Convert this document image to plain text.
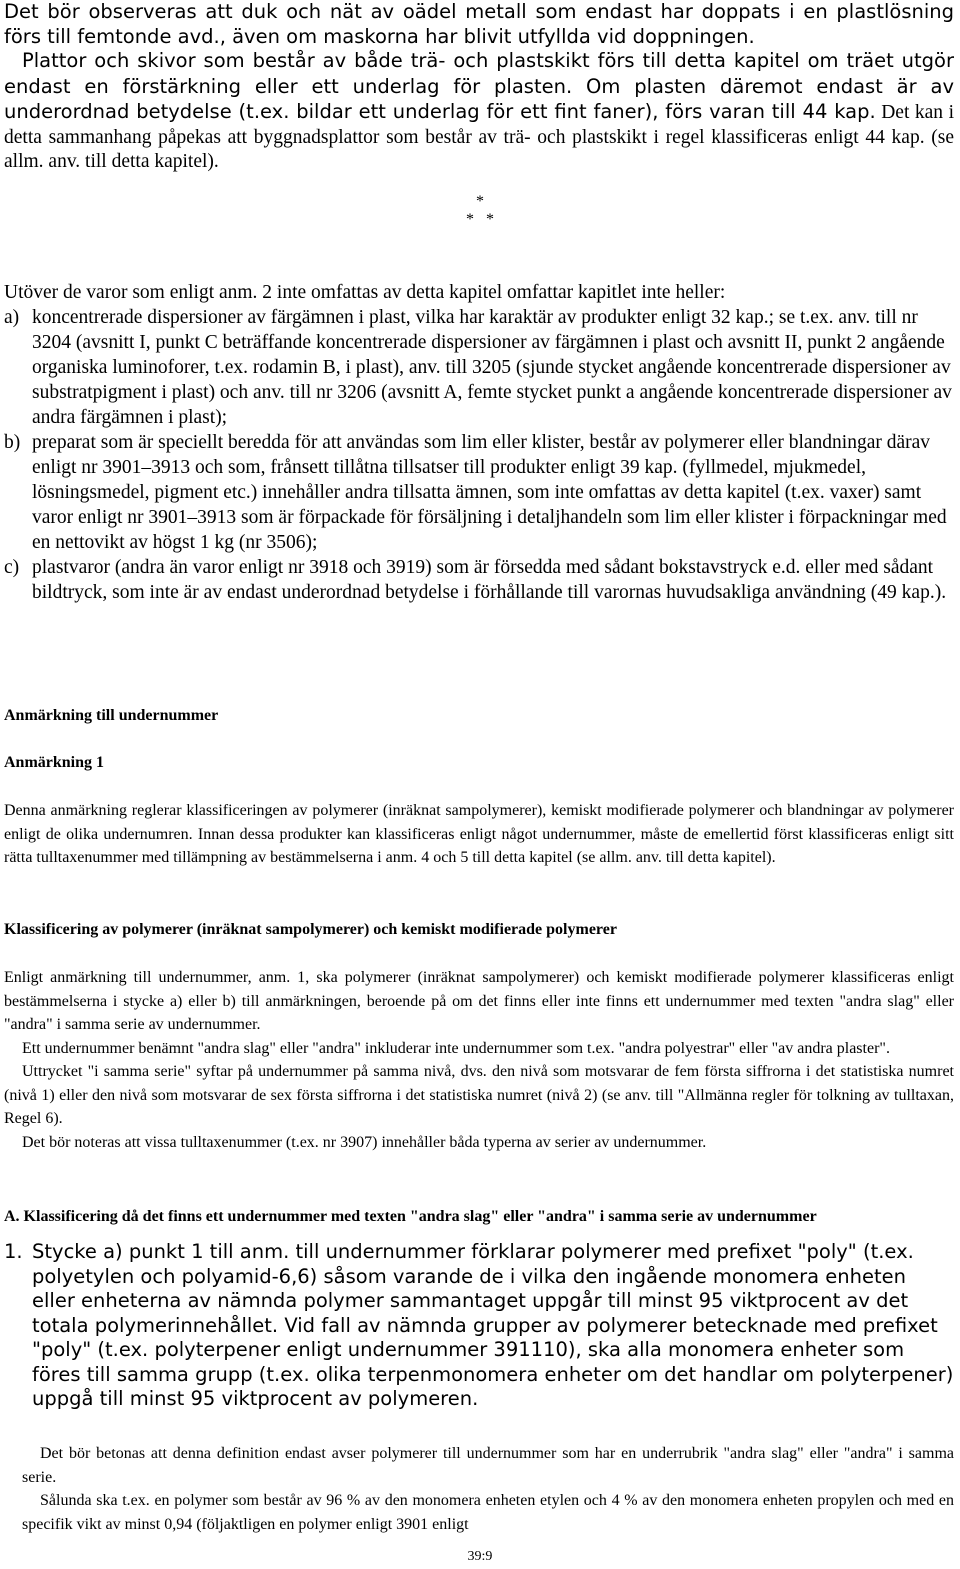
Det bör observeras att duk och nät av oädel metall som endast har doppats i en plastlösning förs till femtonde avd., även om maskorna har blivit utfyllda vid doppningen.
Plattor och skivor som består av både trä- och plastskikt förs till detta kapitel om träet utgör endast en förstärkning eller ett underlag för plasten. Om plasten däremot endast är av underordnad betydelse (t.ex. bildar ett underlag för ett fint faner), förs varan till 44 kap. Det kan i detta sammanhang påpekas att byggnadsplattor som består av trä- och plastskikt i regel klassificeras enligt 44 kap. (se allm. anv. till detta kapitel).
*
*   *
Utöver de varor som enligt anm. 2 inte omfattas av detta kapitel omfattar kapitlet inte heller:
a) koncentrerade dispersioner av färgämnen i plast, vilka har karaktär av produkter enligt 32 kap.; se t.ex. anv. till nr 3204 (avsnitt I, punkt C beträffande koncentrerade dispersioner av färgämnen i plast och avsnitt II, punkt 2 angående organiska luminoforer, t.ex. rodamin B, i plast), anv. till 3205 (sjunde stycket angående koncentrerade dispersioner av substratpigment i plast) och anv. till nr 3206 (avsnitt A, femte stycket punkt a angående koncentrerade dispersioner av andra färgämnen i plast);
b) preparat som är speciellt beredda för att användas som lim eller klister, består av polymerer eller blandningar därav enligt nr 3901–3913 och som, frånsett tillåtna tillsatser till produkter enligt 39 kap. (fyllmedel, mjukmedel, lösningsmedel, pigment etc.) innehåller andra tillsatta ämnen, som inte omfattas av detta kapitel (t.ex. vaxer) samt varor enligt nr 3901–3913 som är förpackade för försäljning i detaljhandeln som lim eller klister i förpackningar med en nettovikt av högst 1 kg (nr 3506);
c) plastvaror (andra än varor enligt nr 3918 och 3919) som är försedda med sådant bokstavstryck e.d. eller med sådant bildtryck, som inte är av endast underordnad betydelse i förhållande till varornas huvudsakliga användning (49 kap.).
Anmärkning till undernummer
Anmärkning 1
Denna anmärkning reglerar klassificeringen av polymerer (inräknat sampolymerer), kemiskt modifierade polymerer och blandningar av polymerer enligt de olika undernumren. Innan dessa produkter kan klassificeras enligt något undernummer, måste de emellertid först klassificeras enligt sitt rätta tulltaxenummer med tillämpning av bestämmelserna i anm. 4 och 5 till detta kapitel (se allm. anv. till detta kapitel).
Klassificering av polymerer (inräknat sampolymerer) och kemiskt modifierade polymerer
Enligt anmärkning till undernummer, anm. 1, ska polymerer (inräknat sampolymerer) och kemiskt modifierade polymerer klassificeras enligt bestämmelserna i stycke a) eller b) till anmärkningen, beroende på om det finns eller inte finns ett undernummer med texten "andra slag" eller "andra" i samma serie av undernummer.
Ett undernummer benämnt "andra slag" eller "andra" inkluderar inte undernummer som t.ex. "andra polyestrar" eller "av andra plaster".
Uttrycket "i samma serie" syftar på undernummer på samma nivå, dvs. den nivå som motsvarar de fem första siffrorna i det statistiska numret (nivå 1) eller den nivå som motsvarar de sex första siffrorna i det statistiska numret (nivå 2) (se anv. till "Allmänna regler för tolkning av tulltaxan, Regel 6).
Det bör noteras att vissa tulltaxenummer (t.ex. nr 3907) innehåller båda typerna av serier av undernummer.
A. Klassificering då det finns ett undernummer med texten "andra slag" eller "andra" i samma serie av undernummer
1. Stycke a) punkt 1 till anm. till undernummer förklarar polymerer med prefixet "poly" (t.ex. polyetylen och polyamid-6,6) såsom varande de i vilka den ingående monomera enheten eller enheterna av nämnda polymer sammantaget uppgår till minst 95 viktprocent av det totala polymerinnehållet. Vid fall av nämnda grupper av polymerer betecknade med prefixet "poly" (t.ex. polyterpener enligt undernummer 391110), ska alla monomera enheter som föres till samma grupp (t.ex. olika terpenmonomera enheter om det handlar om polyterpener) uppgå till minst 95 viktprocent av polymeren.
Det bör betonas att denna definition endast avser polymerer till undernummer som har en underrubrik "andra slag" eller "andra" i samma serie.
Sålunda ska t.ex. en polymer som består av 96 % av den monomera enheten etylen och 4 % av den monomera enheten propylen och med en specifik vikt av minst 0,94 (följaktligen en polymer enligt 3901 enligt
39:9
